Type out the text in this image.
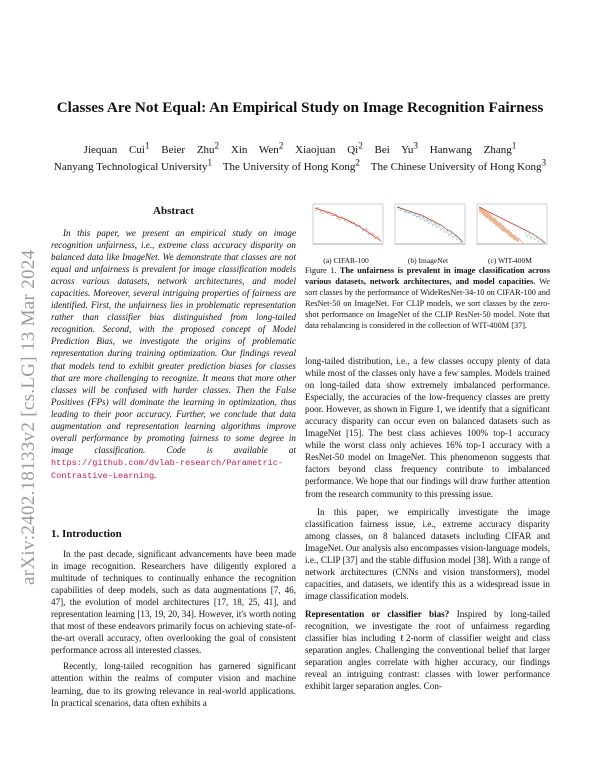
arXiv:2402.18133v2 [cs.LG] 13 Mar 2024
Classes Are Not Equal: An Empirical Study on Image Recognition Fairness
Jiequan Cui$^1$ Beier Zhu$^2$ Xin Wen$^2$ Xiaojuan Qi$^2$ Bei Yu$^3$ Hanwang Zhang$^1$
Nanyang Technological University$^1$ The University of Hong Kong$^2$ The Chinese University of Hong Kong$^3$
Abstract
In this paper, we present an empirical study on image recognition unfairness, i.e., extreme class accuracy disparity on balanced data like ImageNet. We demonstrate that classes are not equal and unfairness is prevalent for image classification models across various datasets, network architectures, and model capacities. Moreover, several intriguing properties of fairness are identified. First, the unfairness lies in problematic representation rather than classifier bias distinguished from long-tailed recognition. Second, with the proposed concept of Model Prediction Bias, we investigate the origins of problematic representation during training optimization. Our findings reveal that models tend to exhibit greater prediction biases for classes that are more challenging to recognize. It means that more other classes will be confused with harder classes. Then the False Positives (FPs) will dominate the learning in optimization, thus leading to their poor accuracy. Further, we conclude that data augmentation and representation learning algorithms improve overall performance by promoting fairness to some degree in image classification. Code is available at https://github.com/dvlab-research/Parametric-Contrastive-Learning.
1. Introduction

In the past decade, significant advancements have been made in image recognition. Researchers have diligently explored a multitude of techniques to continually enhance the recognition capabilities of deep models, such as data augmentations [7, 46, 47], the evolution of model architectures [17, 18, 25, 41], and representation learning [13, 19, 20, 34]. However, it's worth noting that most of these endeavors primarily focus on achieving state-of-the-art overall accuracy, often overlooking the goal of consistent performance across all interested classes.

Recently, long-tailed recognition has garnered significant attention within the realms of computer vision and machine learning, due to its growing relevance in real-world applications. In practical scenarios, data often exhibits a

(a) CIFAR-100	(b) ImageNet	(c) WIT-400M
Figure 1. The unfairness is prevalent in image classification across various datasets, network architectures, and model capacities. We sort classes by the performance of WideResNet-34-10 on CIFAR-100 and ResNet-50 on ImageNet. For CLIP models, we sort classes by the zero-shot performance on ImageNet of the CLIP ResNet-50 model. Note that data rebalancing is considered in the collection of WIT-400M [37].

long-tailed distribution, i.e., a few classes occupy plenty of data while most of the classes only have a few samples. Models trained on long-tailed data show extremely imbalanced performance. Especially, the accuracies of the low-frequency classes are pretty poor. However, as shown in Figure 1, we identify that a significant accuracy disparity can occur even on balanced datasets such as ImageNet [15]. The best class achieves 100% top-1 accuracy while the worst class only achieves 16% top-1 accuracy with a ResNet-50 model on ImageNet. This phenomenon suggests that factors beyond class frequency contribute to imbalanced performance. We hope that our findings will draw further attention from the research community to this pressing issue.

In this paper, we empirically investigate the image classification fairness issue, i.e., extreme accuracy disparity among classes, on 8 balanced datasets including CIFAR and ImageNet. Our analysis also encompasses vision-language models, i.e., CLIP [37] and the stable diffusion model [38]. With a range of network architectures (CNNs and vision transformers), model capacities, and datasets, we identify this as a widespread issue in image classification models.

Representation or classifier bias? Inspired by long-tailed recognition, we investigate the root of unfairness regarding classifier bias including ℓ2-norm of classifier weight and class separation angles. Challenging the conventional belief that larger separation angles correlate with higher accuracy, our findings reveal an intriguing contrast: classes with lower performance exhibit larger separation angles. Con-
